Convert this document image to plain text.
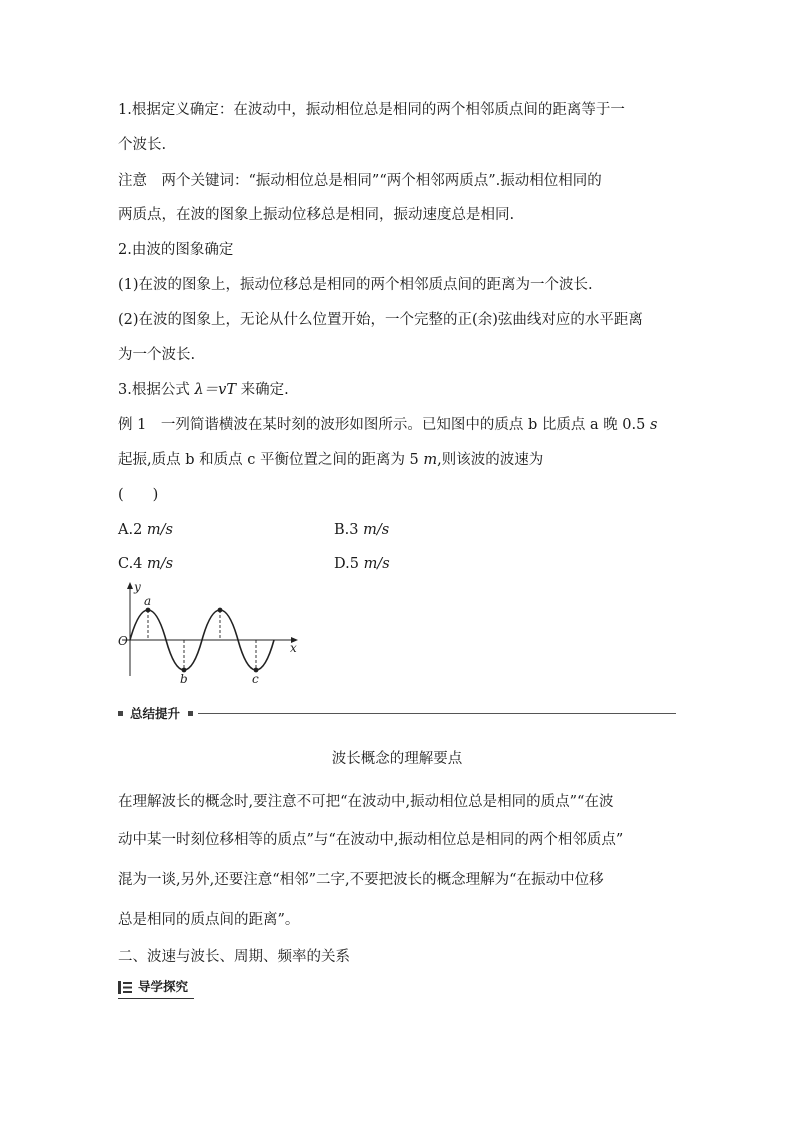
1.根据定义确定：在波动中，振动相位总是相同的两个相邻质点间的距离等于一
个波长.
注意　两个关键词：“振动相位总是相同”“两个相邻两质点”.振动相位相同的
两质点，在波的图象上振动位移总是相同，振动速度总是相同.
2.由波的图象确定
(1)在波的图象上，振动位移总是相同的两个相邻质点间的距离为一个波长.
(2)在波的图象上，无论从什么位置开始，一个完整的正(余)弦曲线对应的水平距离
为一个波长.
3.根据公式 λ＝vT 来确定.
例 1　一列简谐横波在某时刻的波形如图所示。已知图中的质点 b 比质点 a 晚 0.5 s
起振,质点 b 和质点 c 平衡位置之间的距离为 5 m,则该波的波速为
(　　)
A.2 m/s	B.3 m/s
C.4 m/s	D.5 m/s
y
x
O
a
b	c
总结提升
波长概念的理解要点
在理解波长的概念时,要注意不可把“在波动中,振动相位总是相同的质点”“在波
动中某一时刻位移相等的质点”与“在波动中,振动相位总是相同的两个相邻质点”
混为一谈,另外,还要注意“相邻”二字,不要把波长的概念理解为“在振动中位移
总是相同的质点间的距离”。
二、波速与波长、周期、频率的关系
导学探究
